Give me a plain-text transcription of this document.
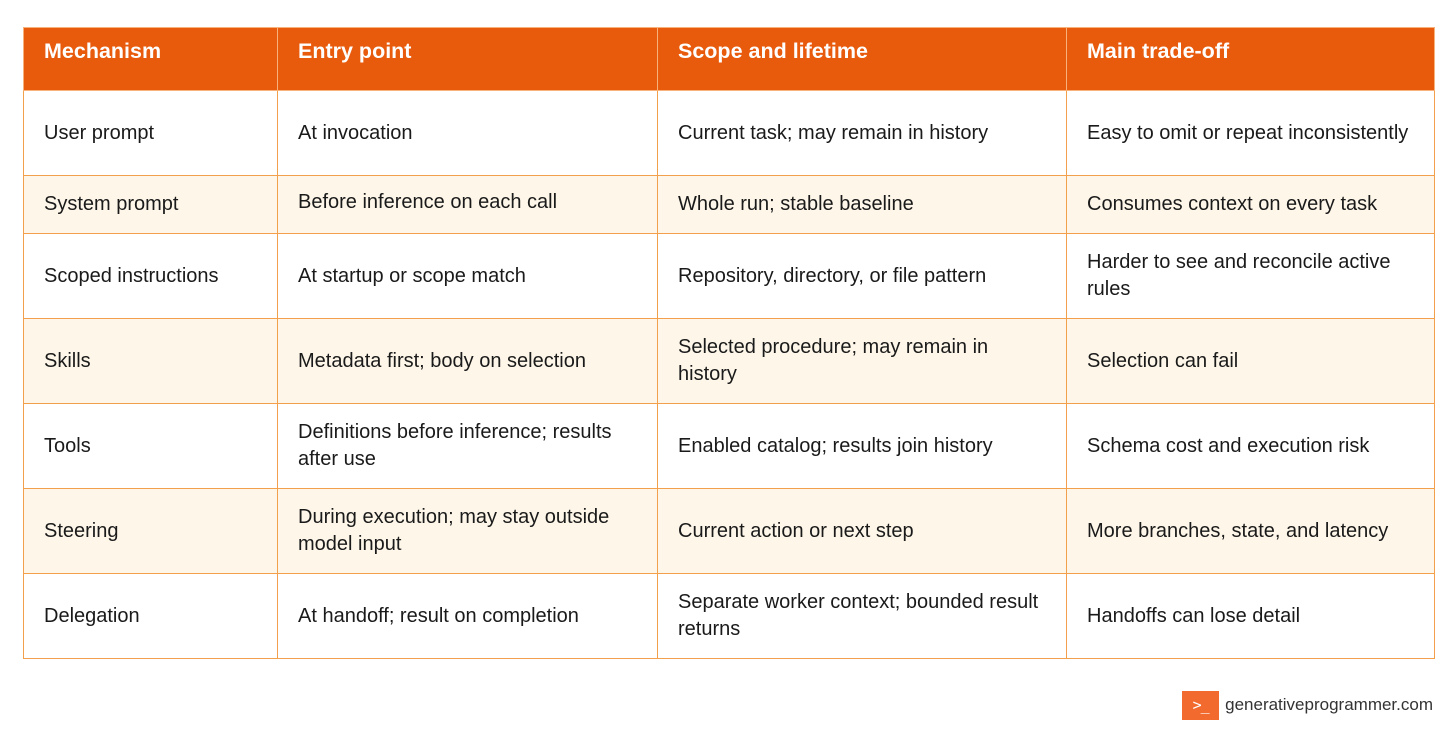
Mechanism	Entry point	Scope and lifetime	Main trade-off

User prompt	At invocation	Current task; may remain in history	Easy to omit or repeat inconsistently

System prompt	Before inference on each call	Whole run; stable baseline	Consumes context on every task

Scoped instructions	At startup or scope match	Repository, directory, or file pattern	Harder to see and reconcile active rules

Skills	Metadata first; body on selection	Selected procedure; may remain in history	Selection can fail

Tools	Definitions before inference; results after use	Enabled catalog; results join history	Schema cost and execution risk

Steering	During execution; may stay outside model input	Current action or next step	More branches, state, and latency

Delegation	At handoff; result on completion	Separate worker context; bounded result returns	Handoffs can lose detail
>_ generativeprogrammer.com
